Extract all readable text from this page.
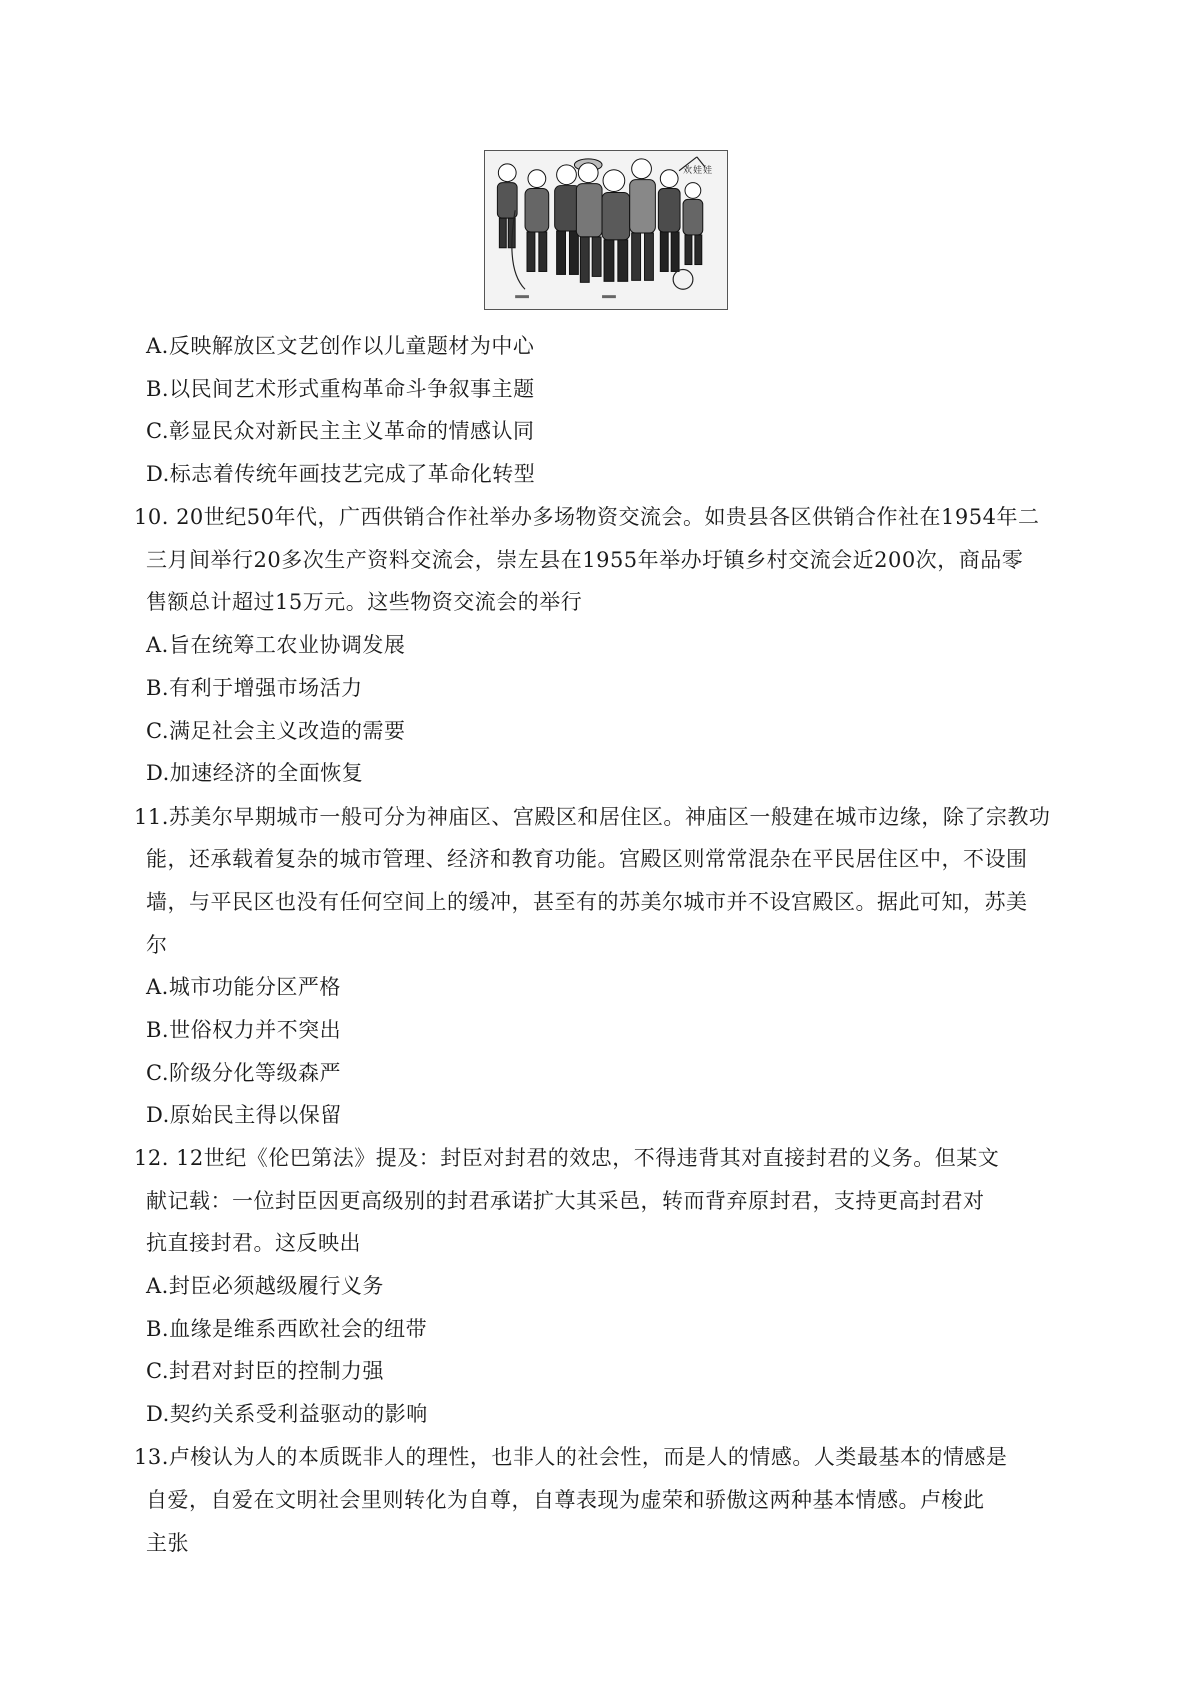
欢娃娃
A.反映解放区文艺创作以儿童题材为中心
B.以民间艺术形式重构革命斗争叙事主题
C.彰显民众对新民主主义革命的情感认同
D.标志着传统年画技艺完成了革命化转型
10. 20世纪50年代，广西供销合作社举办多场物资交流会。如贵县各区供销合作社在1954年二
三月间举行20多次生产资料交流会，崇左县在1955年举办圩镇乡村交流会近200次，商品零
售额总计超过15万元。这些物资交流会的举行
A.旨在统筹工农业协调发展
B.有利于增强市场活力
C.满足社会主义改造的需要
D.加速经济的全面恢复
11.苏美尔早期城市一般可分为神庙区、宫殿区和居住区。神庙区一般建在城市边缘，除了宗教功
能，还承载着复杂的城市管理、经济和教育功能。宫殿区则常常混杂在平民居住区中，不设围
墙，与平民区也没有任何空间上的缓冲，甚至有的苏美尔城市并不设宫殿区。据此可知，苏美
尔
A.城市功能分区严格
B.世俗权力并不突出
C.阶级分化等级森严
D.原始民主得以保留
12. 12世纪《伦巴第法》提及：封臣对封君的效忠，不得违背其对直接封君的义务。但某文
献记载：一位封臣因更高级别的封君承诺扩大其采邑，转而背弃原封君，支持更高封君对
抗直接封君。这反映出
A.封臣必须越级履行义务
B.血缘是维系西欧社会的纽带
C.封君对封臣的控制力强
D.契约关系受利益驱动的影响
13.卢梭认为人的本质既非人的理性，也非人的社会性，而是人的情感。人类最基本的情感是
自爱，自爱在文明社会里则转化为自尊，自尊表现为虚荣和骄傲这两种基本情感。卢梭此
主张
